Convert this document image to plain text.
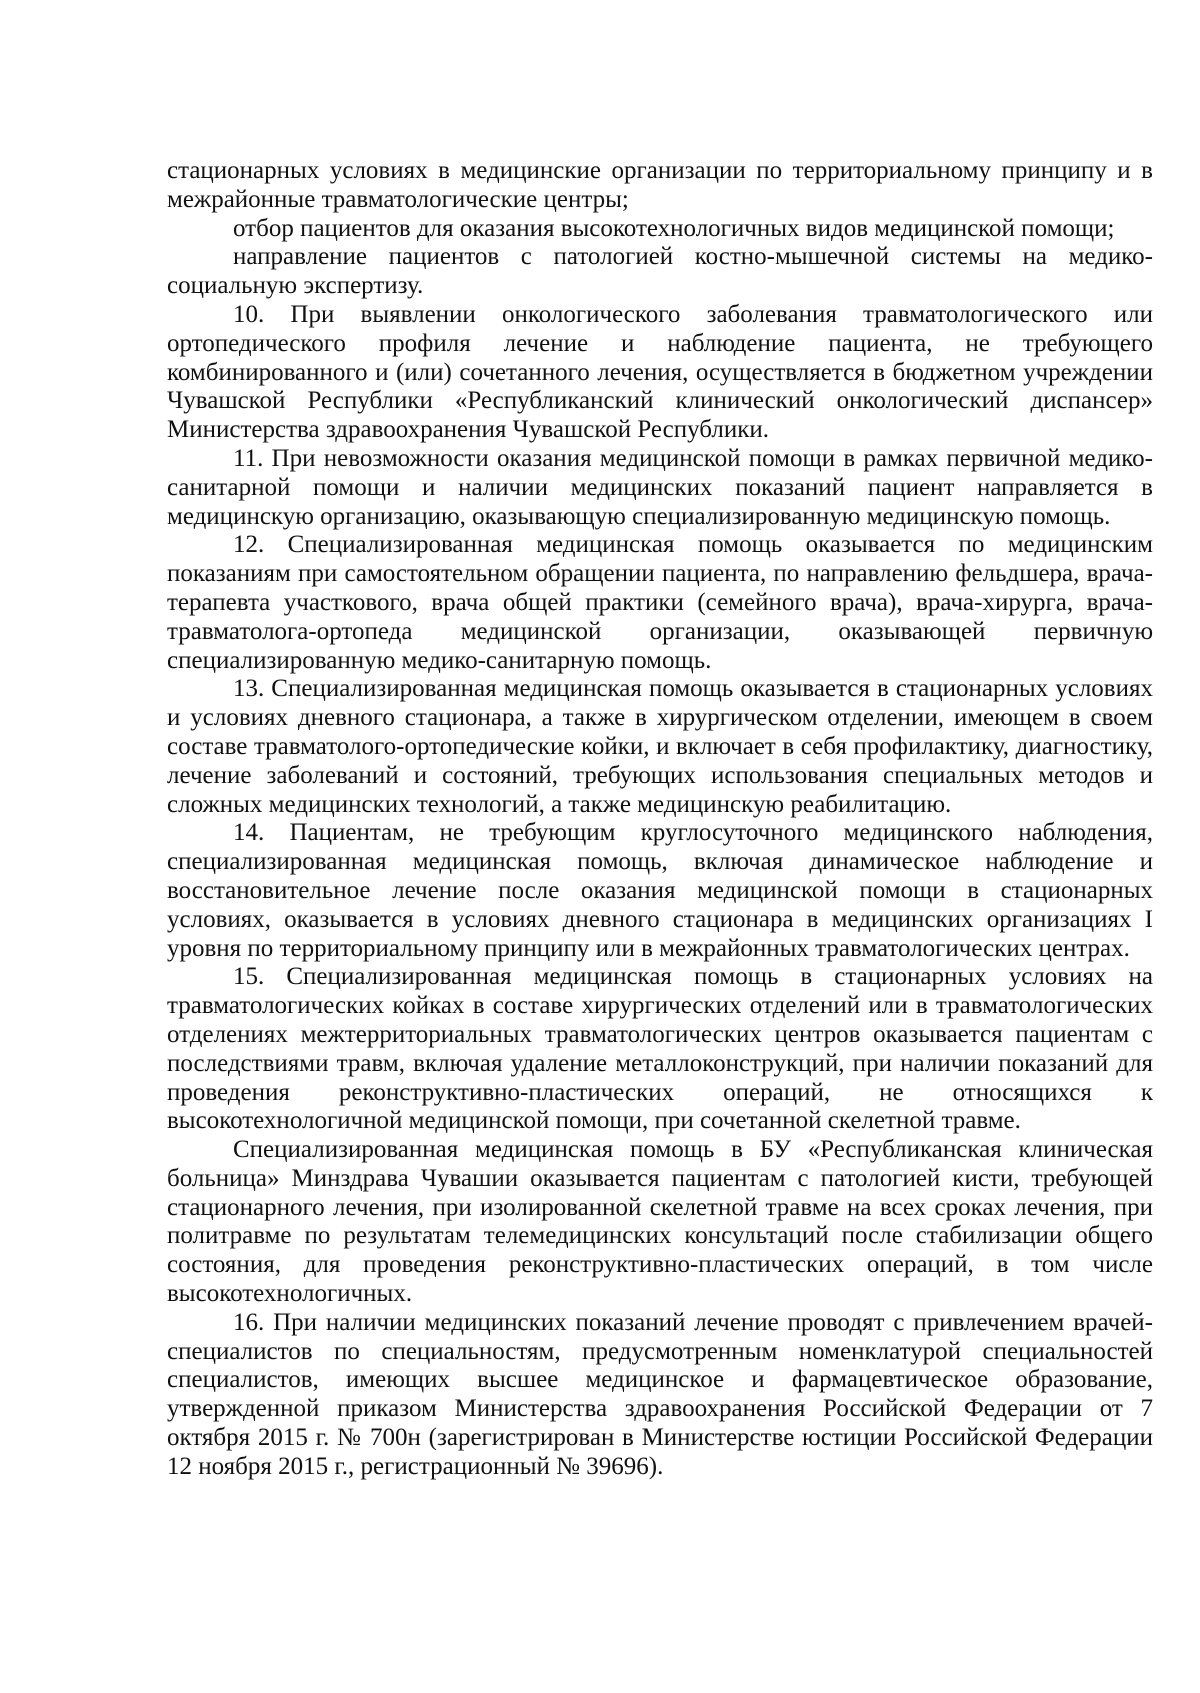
стационарных условиях в медицинские организации по территориальному принципу и в межрайонные травматологические центры;

отбор пациентов для оказания высокотехнологичных видов медицинской помощи;

направление пациентов с патологией костно-мышечной системы на медико-социальную экспертизу.

10. При выявлении онкологического заболевания травматологического или ортопедического профиля лечение и наблюдение пациента, не требующего комбинированного и (или) сочетанного лечения, осуществляется в бюджетном учреждении Чувашской Республики «Республиканский клинический онкологический диспансер» Министерства здравоохранения Чувашской Республики.

11. При невозможности оказания медицинской помощи в рамках первичной медико-санитарной помощи и наличии медицинских показаний пациент направляется в медицинскую организацию, оказывающую специализированную медицинскую помощь.

12. Специализированная медицинская помощь оказывается по медицинским показаниям при самостоятельном обращении пациента, по направлению фельдшера, врача-терапевта участкового, врача общей практики (семейного врача), врача-хирурга, врача-травматолога-ортопеда медицинской организации, оказывающей первичную специализированную медико-санитарную помощь.

13. Специализированная медицинская помощь оказывается в стационарных условиях и условиях дневного стационара, а также в хирургическом отделении, имеющем в своем составе травматолого-ортопедические койки, и включает в себя профилактику, диагностику, лечение заболеваний и состояний, требующих использования специальных методов и сложных медицинских технологий, а также медицинскую реабилитацию.

14. Пациентам, не требующим круглосуточного медицинского наблюдения, специализированная медицинская помощь, включая динамическое наблюдение и восстановительное лечение после оказания медицинской помощи в стационарных условиях, оказывается в условиях дневного стационара в медицинских организациях I уровня по территориальному принципу или в межрайонных травматологических центрах.

15. Специализированная медицинская помощь в стационарных условиях на травматологических койках в составе хирургических отделений или в травматологических отделениях межтерриториальных травматологических центров оказывается пациентам с последствиями травм, включая удаление металлоконструкций, при наличии показаний для проведения реконструктивно-пластических операций, не относящихся к высокотехнологичной медицинской помощи, при сочетанной скелетной травме.

Специализированная медицинская помощь в БУ «Республиканская клиническая больница» Минздрава Чувашии оказывается пациентам с патологией кисти, требующей стационарного лечения, при изолированной скелетной травме на всех сроках лечения, при политравме по результатам телемедицинских консультаций после стабилизации общего состояния, для проведения реконструктивно-пластических операций, в том числе высокотехнологичных.

16. При наличии медицинских показаний лечение проводят с привлечением врачей-специалистов по специальностям, предусмотренным номенклатурой специальностей специалистов, имеющих высшее медицинское и фармацевтическое образование, утвержденной приказом Министерства здравоохранения Российской Федерации от 7 октября 2015 г. № 700н (зарегистрирован в Министерстве юстиции Российской Федерации 12 ноября 2015 г., регистрационный № 39696).
